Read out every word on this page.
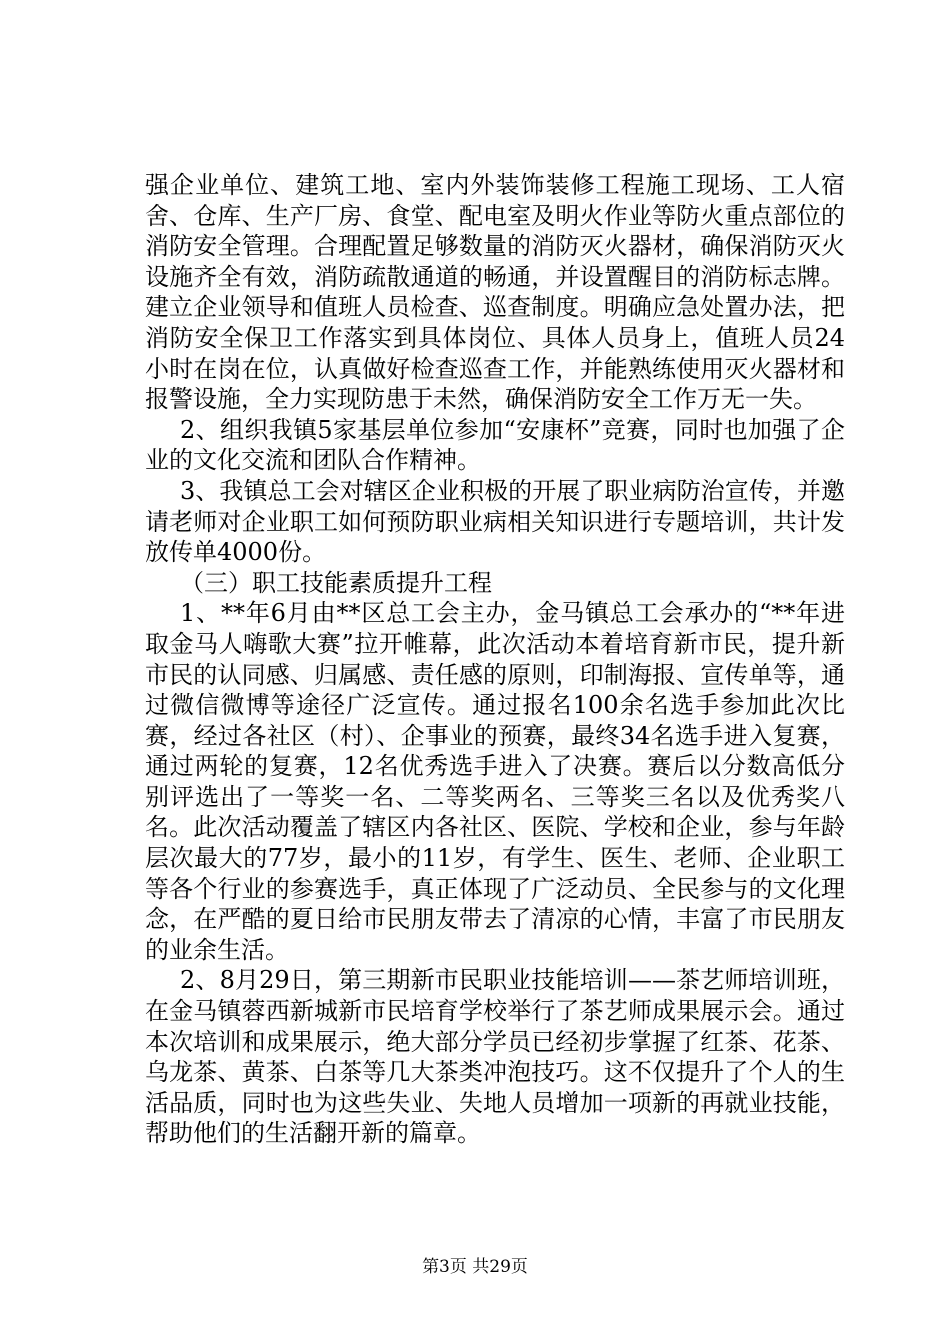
强企业单位、建筑工地、室内外装饰装修工程施工现场、工人宿舍、仓库、生产厂房、食堂、配电室及明火作业等防火重点部位的消防安全管理。合理配置足够数量的消防灭火器材，确保消防灭火设施齐全有效，消防疏散通道的畅通，并设置醒目的消防标志牌。建立企业领导和值班人员检查、巡查制度。明确应急处置办法，把消防安全保卫工作落实到具体岗位、具体人员身上，值班人员24小时在岗在位，认真做好检查巡查工作，并能熟练使用灭火器材和报警设施，全力实现防患于未然，确保消防安全工作万无一失。

2、组织我镇5家基层单位参加“安康杯”竞赛，同时也加强了企业的文化交流和团队合作精神。

3、我镇总工会对辖区企业积极的开展了职业病防治宣传，并邀请老师对企业职工如何预防职业病相关知识进行专题培训，共计发放传单4000份。

（三）职工技能素质提升工程

1、**年6月由**区总工会主办，金马镇总工会承办的“**年进取金马人嗨歌大赛”拉开帷幕，此次活动本着培育新市民，提升新市民的认同感、归属感、责任感的原则，印制海报、宣传单等，通过微信微博等途径广泛宣传。通过报名100余名选手参加此次比赛，经过各社区（村）、企事业的预赛，最终34名选手进入复赛，通过两轮的复赛，12名优秀选手进入了决赛。赛后以分数高低分别评选出了一等奖一名、二等奖两名、三等奖三名以及优秀奖八名。此次活动覆盖了辖区内各社区、医院、学校和企业，参与年龄层次最大的77岁，最小的11岁，有学生、医生、老师、企业职工等各个行业的参赛选手，真正体现了广泛动员、全民参与的文化理念，在严酷的夏日给市民朋友带去了清凉的心情，丰富了市民朋友的业余生活。

2、8月29日，第三期新市民职业技能培训——茶艺师培训班，在金马镇蓉西新城新市民培育学校举行了茶艺师成果展示会。通过本次培训和成果展示，绝大部分学员已经初步掌握了红茶、花茶、乌龙茶、黄茶、白茶等几大茶类冲泡技巧。这不仅提升了个人的生活品质，同时也为这些失业、失地人员增加一项新的再就业技能，帮助他们的生活翻开新的篇章。

第3页 共29页
